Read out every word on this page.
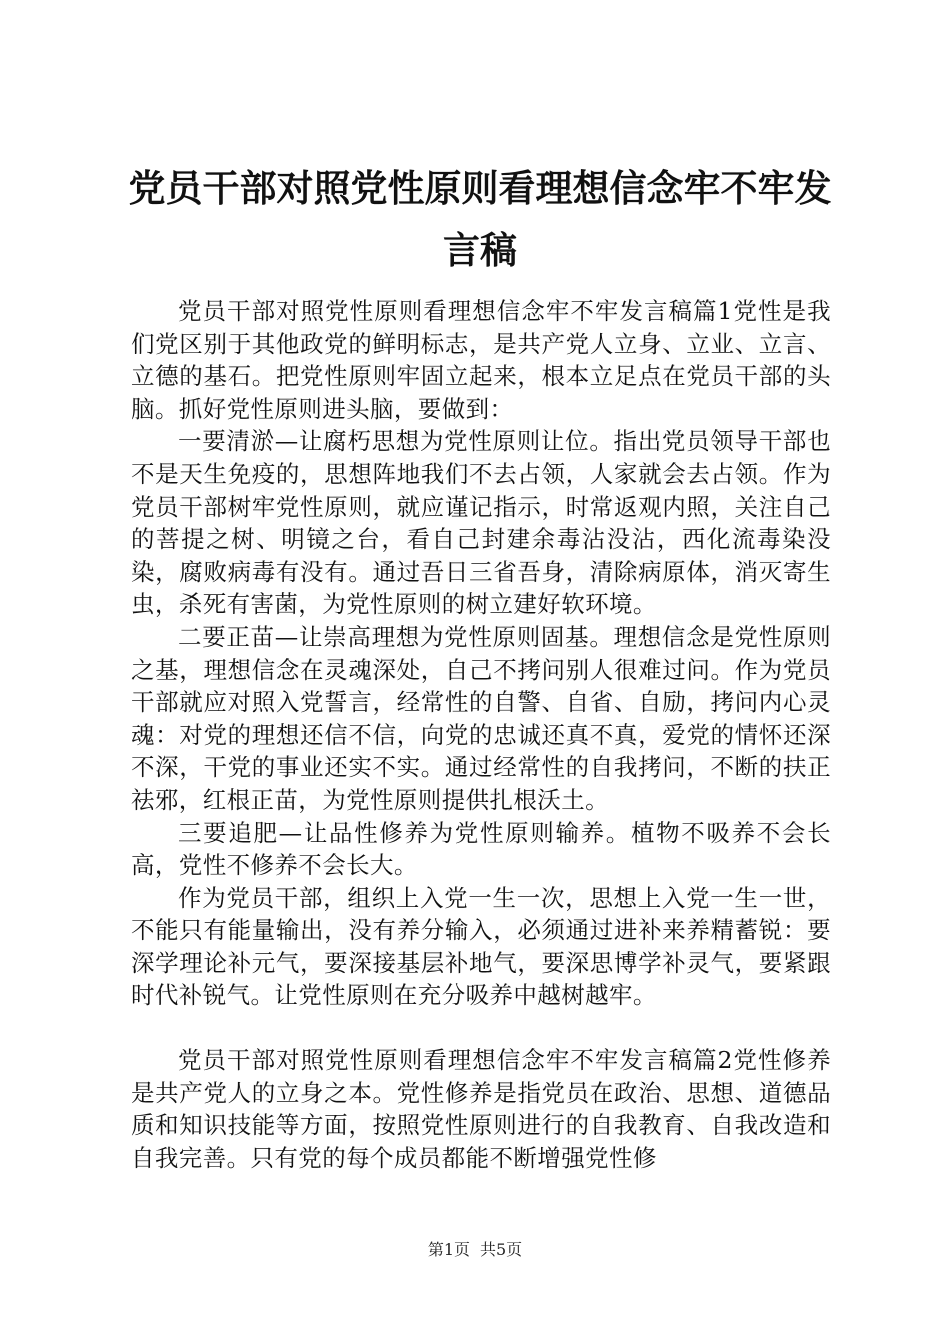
党员干部对照党性原则看理想信念牢不牢发言稿

党员干部对照党性原则看理想信念牢不牢发言稿篇1党性是我们党区别于其他政党的鲜明标志，是共产党人立身、立业、立言、立德的基石。把党性原则牢固立起来，根本立足点在党员干部的头脑。抓好党性原则进头脑，要做到：

一要清淤—让腐朽思想为党性原则让位。指出党员领导干部也不是天生免疫的，思想阵地我们不去占领，人家就会去占领。作为党员干部树牢党性原则，就应谨记指示，时常返观内照，关注自己的菩提之树、明镜之台，看自己封建余毒沾没沾，西化流毒染没染，腐败病毒有没有。通过吾日三省吾身，清除病原体，消灭寄生虫，杀死有害菌，为党性原则的树立建好软环境。

二要正苗—让崇高理想为党性原则固基。理想信念是党性原则之基，理想信念在灵魂深处，自己不拷问别人很难过问。作为党员干部就应对照入党誓言，经常性的自警、自省、自励，拷问内心灵魂：对党的理想还信不信，向党的忠诚还真不真，爱党的情怀还深不深，干党的事业还实不实。通过经常性的自我拷问，不断的扶正祛邪，红根正苗，为党性原则提供扎根沃土。

三要追肥—让品性修养为党性原则输养。植物不吸养不会长高，党性不修养不会长大。

作为党员干部，组织上入党一生一次，思想上入党一生一世，不能只有能量输出，没有养分输入，必须通过进补来养精蓄锐：要深学理论补元气，要深接基层补地气，要深思博学补灵气，要紧跟时代补锐气。让党性原则在充分吸养中越树越牢。

党员干部对照党性原则看理想信念牢不牢发言稿篇2党性修养是共产党人的立身之本。党性修养是指党员在政治、思想、道德品质和知识技能等方面，按照党性原则进行的自我教育、自我改造和自我完善。只有党的每个成员都能不断增强党性修

第1页 共5页
